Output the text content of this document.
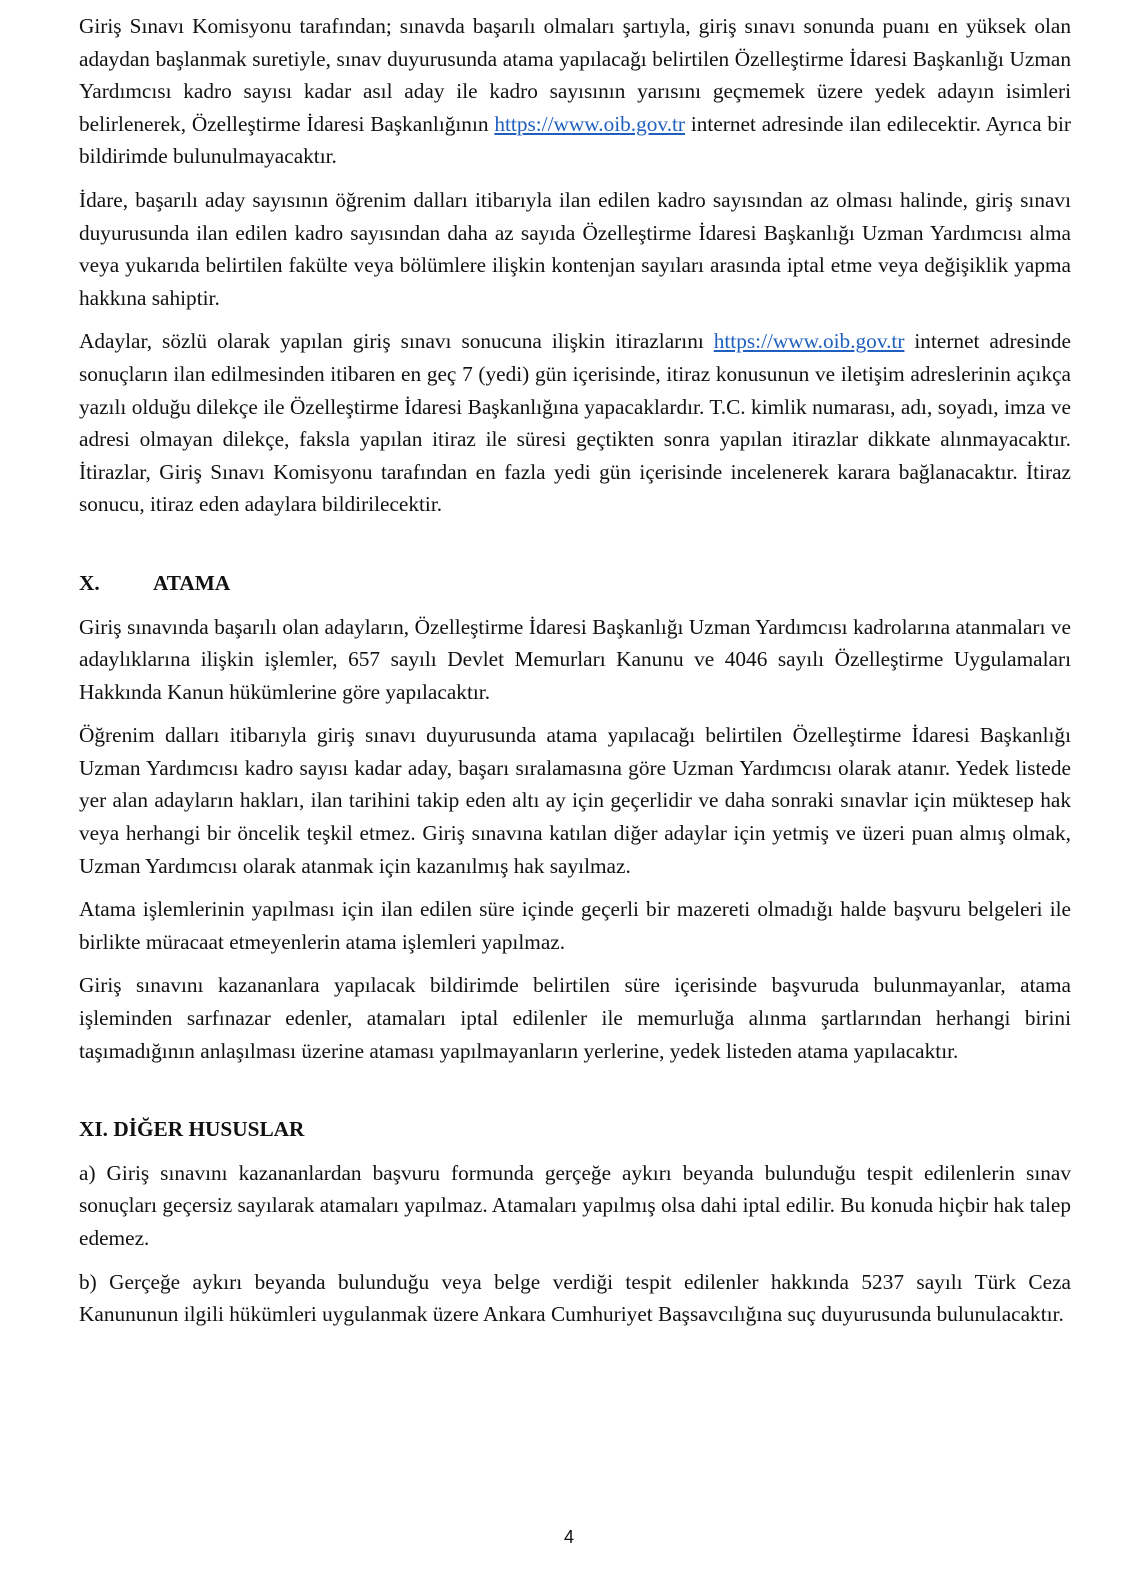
Giriş Sınavı Komisyonu tarafından; sınavda başarılı olmaları şartıyla, giriş sınavı sonunda puanı en yüksek olan adaydan başlanmak suretiyle, sınav duyurusunda atama yapılacağı belirtilen Özelleştirme İdaresi Başkanlığı Uzman Yardımcısı kadro sayısı kadar asıl aday ile kadro sayısının yarısını geçmemek üzere yedek adayın isimleri belirlenerek, Özelleştirme İdaresi Başkanlığının https://www.oib.gov.tr internet adresinde ilan edilecektir. Ayrıca bir bildirimde bulunulmayacaktır.

İdare, başarılı aday sayısının öğrenim dalları itibarıyla ilan edilen kadro sayısından az olması halinde, giriş sınavı duyurusunda ilan edilen kadro sayısından daha az sayıda Özelleştirme İdaresi Başkanlığı Uzman Yardımcısı alma veya yukarıda belirtilen fakülte veya bölümlere ilişkin kontenjan sayıları arasında iptal etme veya değişiklik yapma hakkına sahiptir.

Adaylar, sözlü olarak yapılan giriş sınavı sonucuna ilişkin itirazlarını https://www.oib.gov.tr internet adresinde sonuçların ilan edilmesinden itibaren en geç 7 (yedi) gün içerisinde, itiraz konusunun ve iletişim adreslerinin açıkça yazılı olduğu dilekçe ile Özelleştirme İdaresi Başkanlığına yapacaklardır. T.C. kimlik numarası, adı, soyadı, imza ve adresi olmayan dilekçe, faksla yapılan itiraz ile süresi geçtikten sonra yapılan itirazlar dikkate alınmayacaktır. İtirazlar, Giriş Sınavı Komisyonu tarafından en fazla yedi gün içerisinde incelenerek karara bağlanacaktır. İtiraz sonucu, itiraz eden adaylara bildirilecektir.

X.	ATAMA

Giriş sınavında başarılı olan adayların, Özelleştirme İdaresi Başkanlığı Uzman Yardımcısı kadrolarına atanmaları ve adaylıklarına ilişkin işlemler, 657 sayılı Devlet Memurları Kanunu ve 4046 sayılı Özelleştirme Uygulamaları Hakkında Kanun hükümlerine göre yapılacaktır.

Öğrenim dalları itibarıyla giriş sınavı duyurusunda atama yapılacağı belirtilen Özelleştirme İdaresi Başkanlığı Uzman Yardımcısı kadro sayısı kadar aday, başarı sıralamasına göre Uzman Yardımcısı olarak atanır. Yedek listede yer alan adayların hakları, ilan tarihini takip eden altı ay için geçerlidir ve daha sonraki sınavlar için müktesep hak veya herhangi bir öncelik teşkil etmez. Giriş sınavına katılan diğer adaylar için yetmiş ve üzeri puan almış olmak, Uzman Yardımcısı olarak atanmak için kazanılmış hak sayılmaz.

Atama işlemlerinin yapılması için ilan edilen süre içinde geçerli bir mazereti olmadığı halde başvuru belgeleri ile birlikte müracaat etmeyenlerin atama işlemleri yapılmaz.

Giriş sınavını kazananlara yapılacak bildirimde belirtilen süre içerisinde başvuruda bulunmayanlar, atama işleminden sarfınazar edenler, atamaları iptal edilenler ile memurluğa alınma şartlarından herhangi birini taşımadığının anlaşılması üzerine ataması yapılmayanların yerlerine, yedek listeden atama yapılacaktır.

XI. DİĞER HUSUSLAR

a) Giriş sınavını kazananlardan başvuru formunda gerçeğe aykırı beyanda bulunduğu tespit edilenlerin sınav sonuçları geçersiz sayılarak atamaları yapılmaz. Atamaları yapılmış olsa dahi iptal edilir. Bu konuda hiçbir hak talep edemez.

b) Gerçeğe aykırı beyanda bulunduğu veya belge verdiği tespit edilenler hakkında 5237 sayılı Türk Ceza Kanununun ilgili hükümleri uygulanmak üzere Ankara Cumhuriyet Başsavcılığına suç duyurusunda bulunulacaktır.

4
